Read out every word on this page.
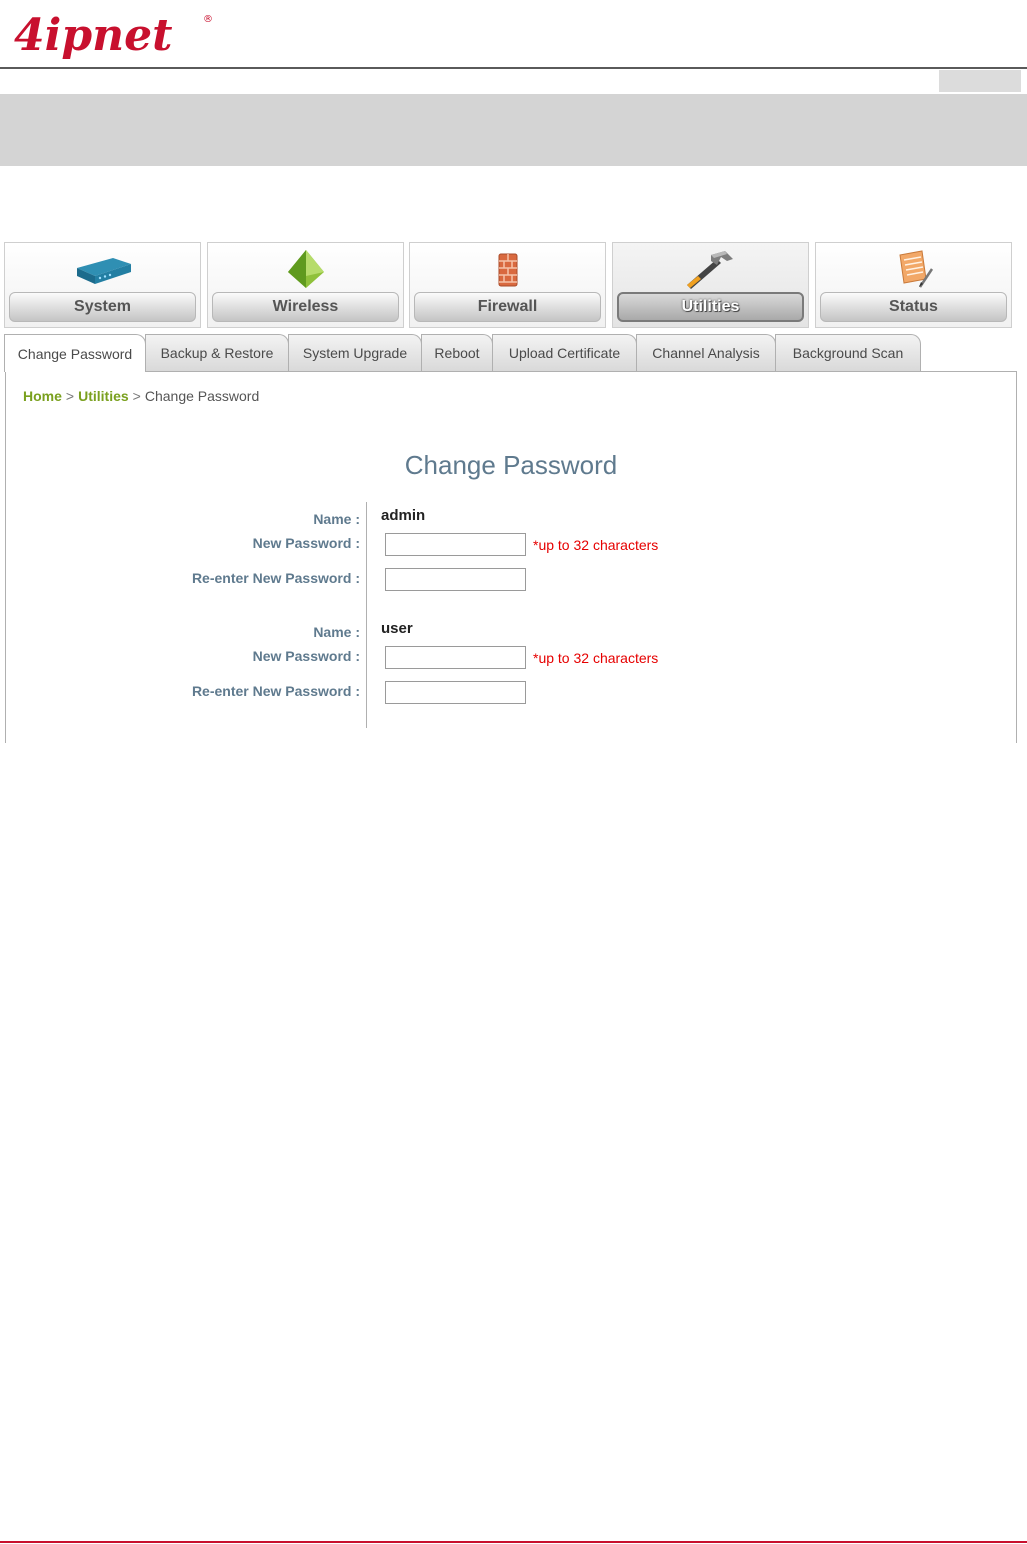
4ipnet	®
System	Wireless	Firewall	Utilities	Status
Change Password	Backup & Restore	System Upgrade	Reboot	Upload Certificate	Channel Analysis	Background Scan
Home > Utilities > Change Password
Change Password
Name : admin
New Password :	*up to 32 characters
Re-enter New Password :
Name : user
New Password :	*up to 32 characters
Re-enter New Password :
